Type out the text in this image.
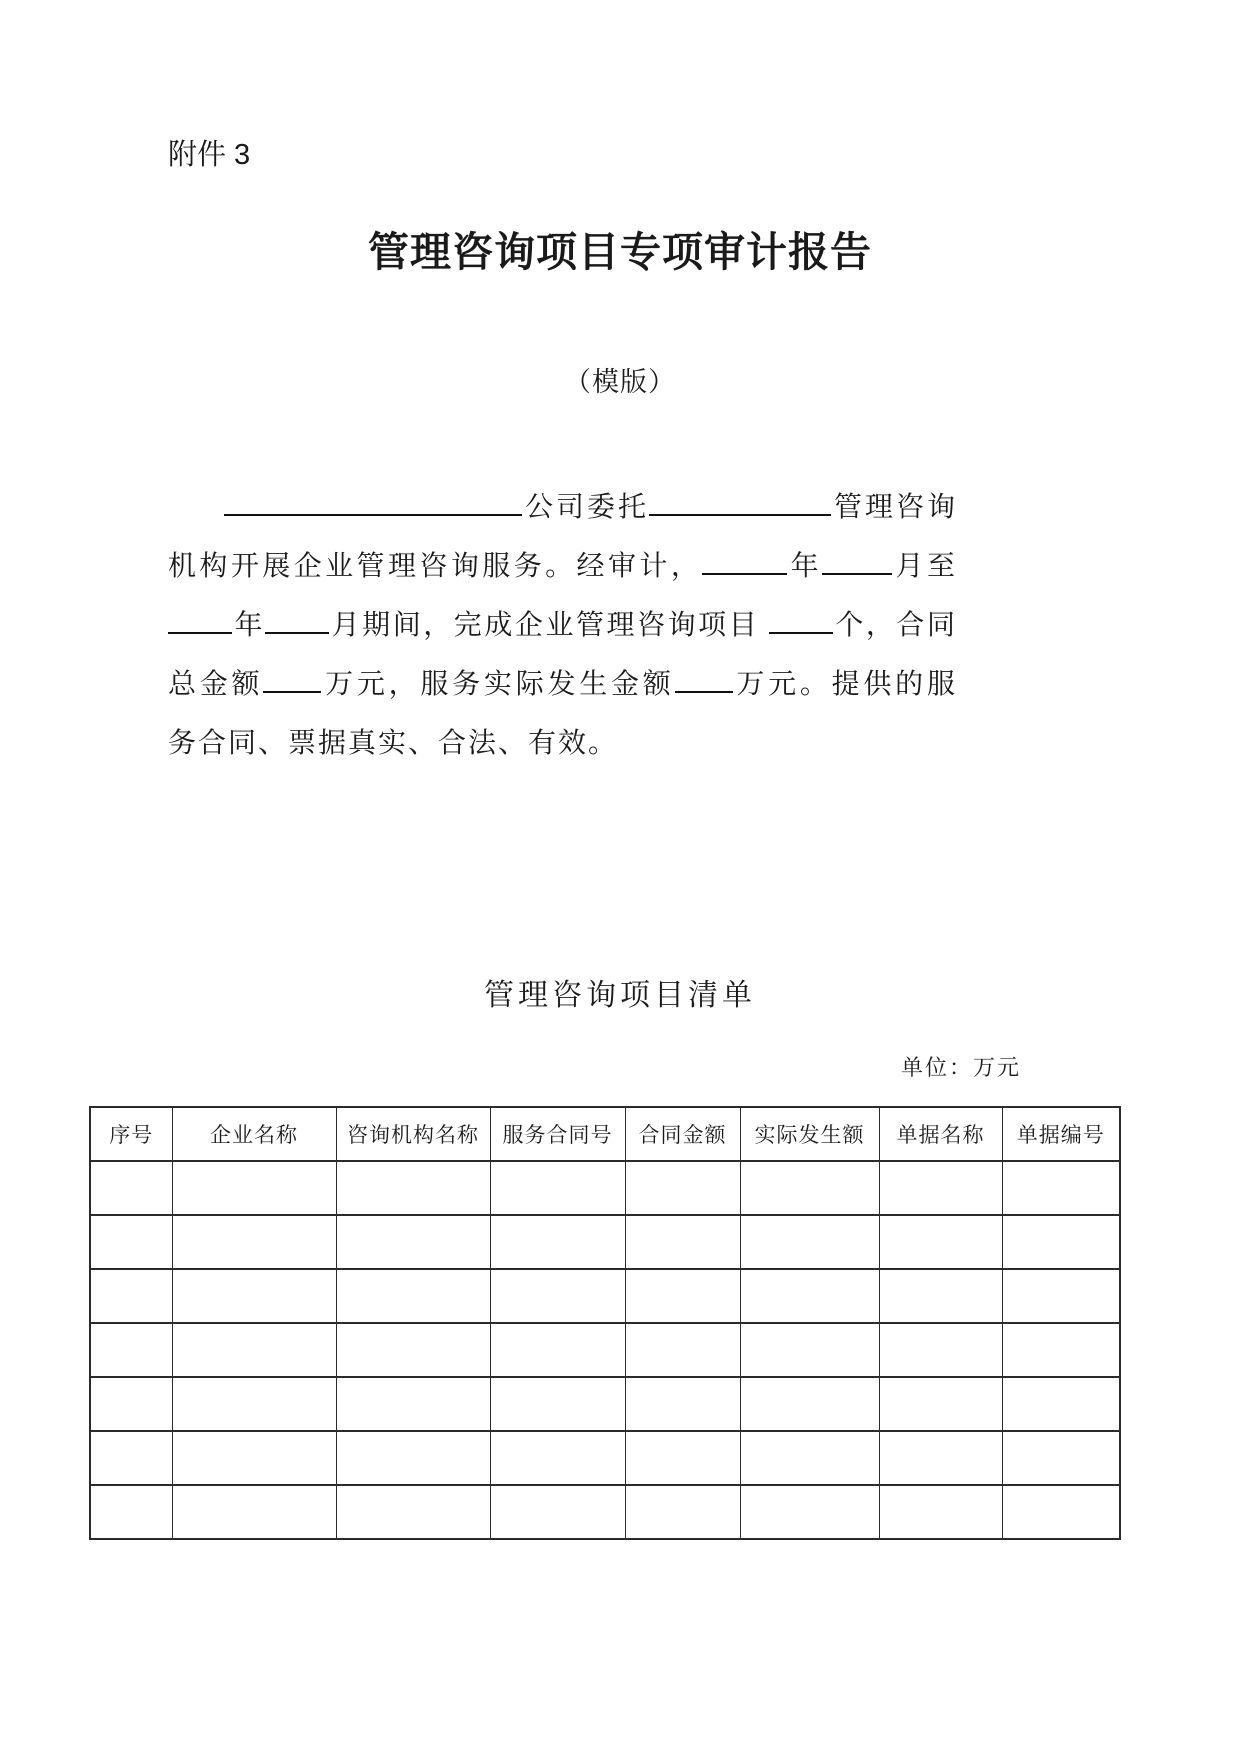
附件 3
管理咨询项目专项审计报告
（模版）
公司委托	管理咨询
机构开展企业管理咨询服务。经审计，	年	月至
年 月期间，完成企业管理咨询项目 个，合同
总金额 万元，服务实际发生金额 万元。提供的服
务合同、票据真实、合法、有效。
管理咨询项目清单
单位：万元
序号	企业名称	咨询机构名称	服务合同号	合同金额	实际发生额	单据名称	单据编号
